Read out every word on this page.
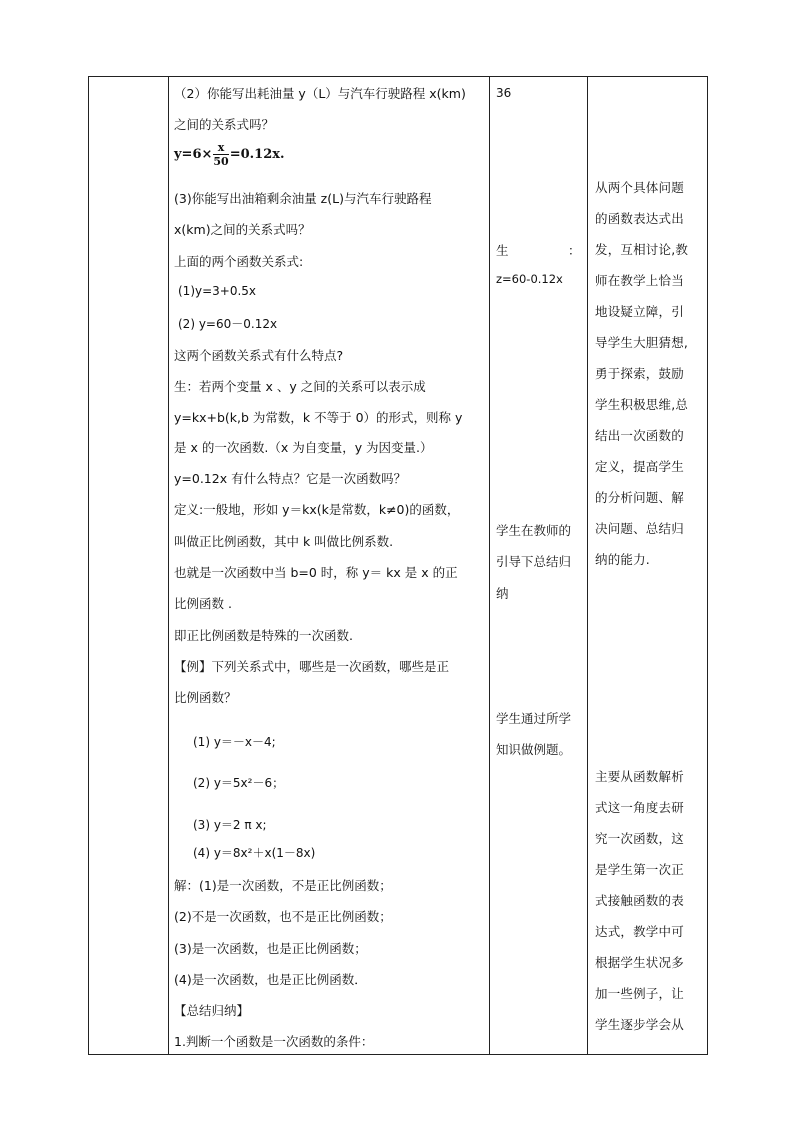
（2）你能写出耗油量 y（L）与汽车行驶路程 x(km)
之间的关系式吗？
$y=6\times \frac{x}{50} =0.12x$.
(3)你能写出油箱剩余油量 z(L)与汽车行驶路程
x(km)之间的关系式吗？
上面的两个函数关系式:
(1)y=3+0.5x
(2) y=60－0.12x
这两个函数关系式有什么特点?
生：若两个变量 x 、y 之间的关系可以表示成
y=kx+b(k,b 为常数，k 不等于 0）的形式，则称 y
是 x 的一次函数.（x 为自变量，y 为因变量.）
y=0.12x 有什么特点？它是一次函数吗？
定义:一般地，形如 y＝kx(k是常数，k≠0)的函数，
叫做正比例函数，其中 k 叫做比例系数.
也就是一次函数中当 b=0 时，称 y＝ kx 是 x 的正
比例函数 .
即正比例函数是特殊的一次函数.
【例】下列关系式中，哪些是一次函数，哪些是正
比例函数？
(1) y＝－x－4;
(2) y＝5x²－6；
(3) y＝2 π x;
(4) y＝8x²＋x(1－8x)
解：(1)是一次函数，不是正比例函数；
(2)不是一次函数，也不是正比例函数；
(3)是一次函数，也是正比例函数；
(4)是一次函数，也是正比例函数．
【总结归纳】
1.判断一个函数是一次函数的条件：
36
生	：
z=60-0.12x
学生在教师的
引导下总结归
纳
学生通过所学
知识做例题。
从两个具体问题
的函数表达式出
发，互相讨论,教
师在教学上恰当
地设疑立障，引
导学生大胆猜想,
勇于探索，鼓励
学生积极思维,总
结出一次函数的
定义，提高学生
的分析问题、解
决问题、总结归
纳的能力.
主要从函数解析
式这一角度去研
究一次函数，这
是学生第一次正
式接触函数的表
达式，教学中可
根据学生状况多
加一些例子，让
学生逐步学会从
